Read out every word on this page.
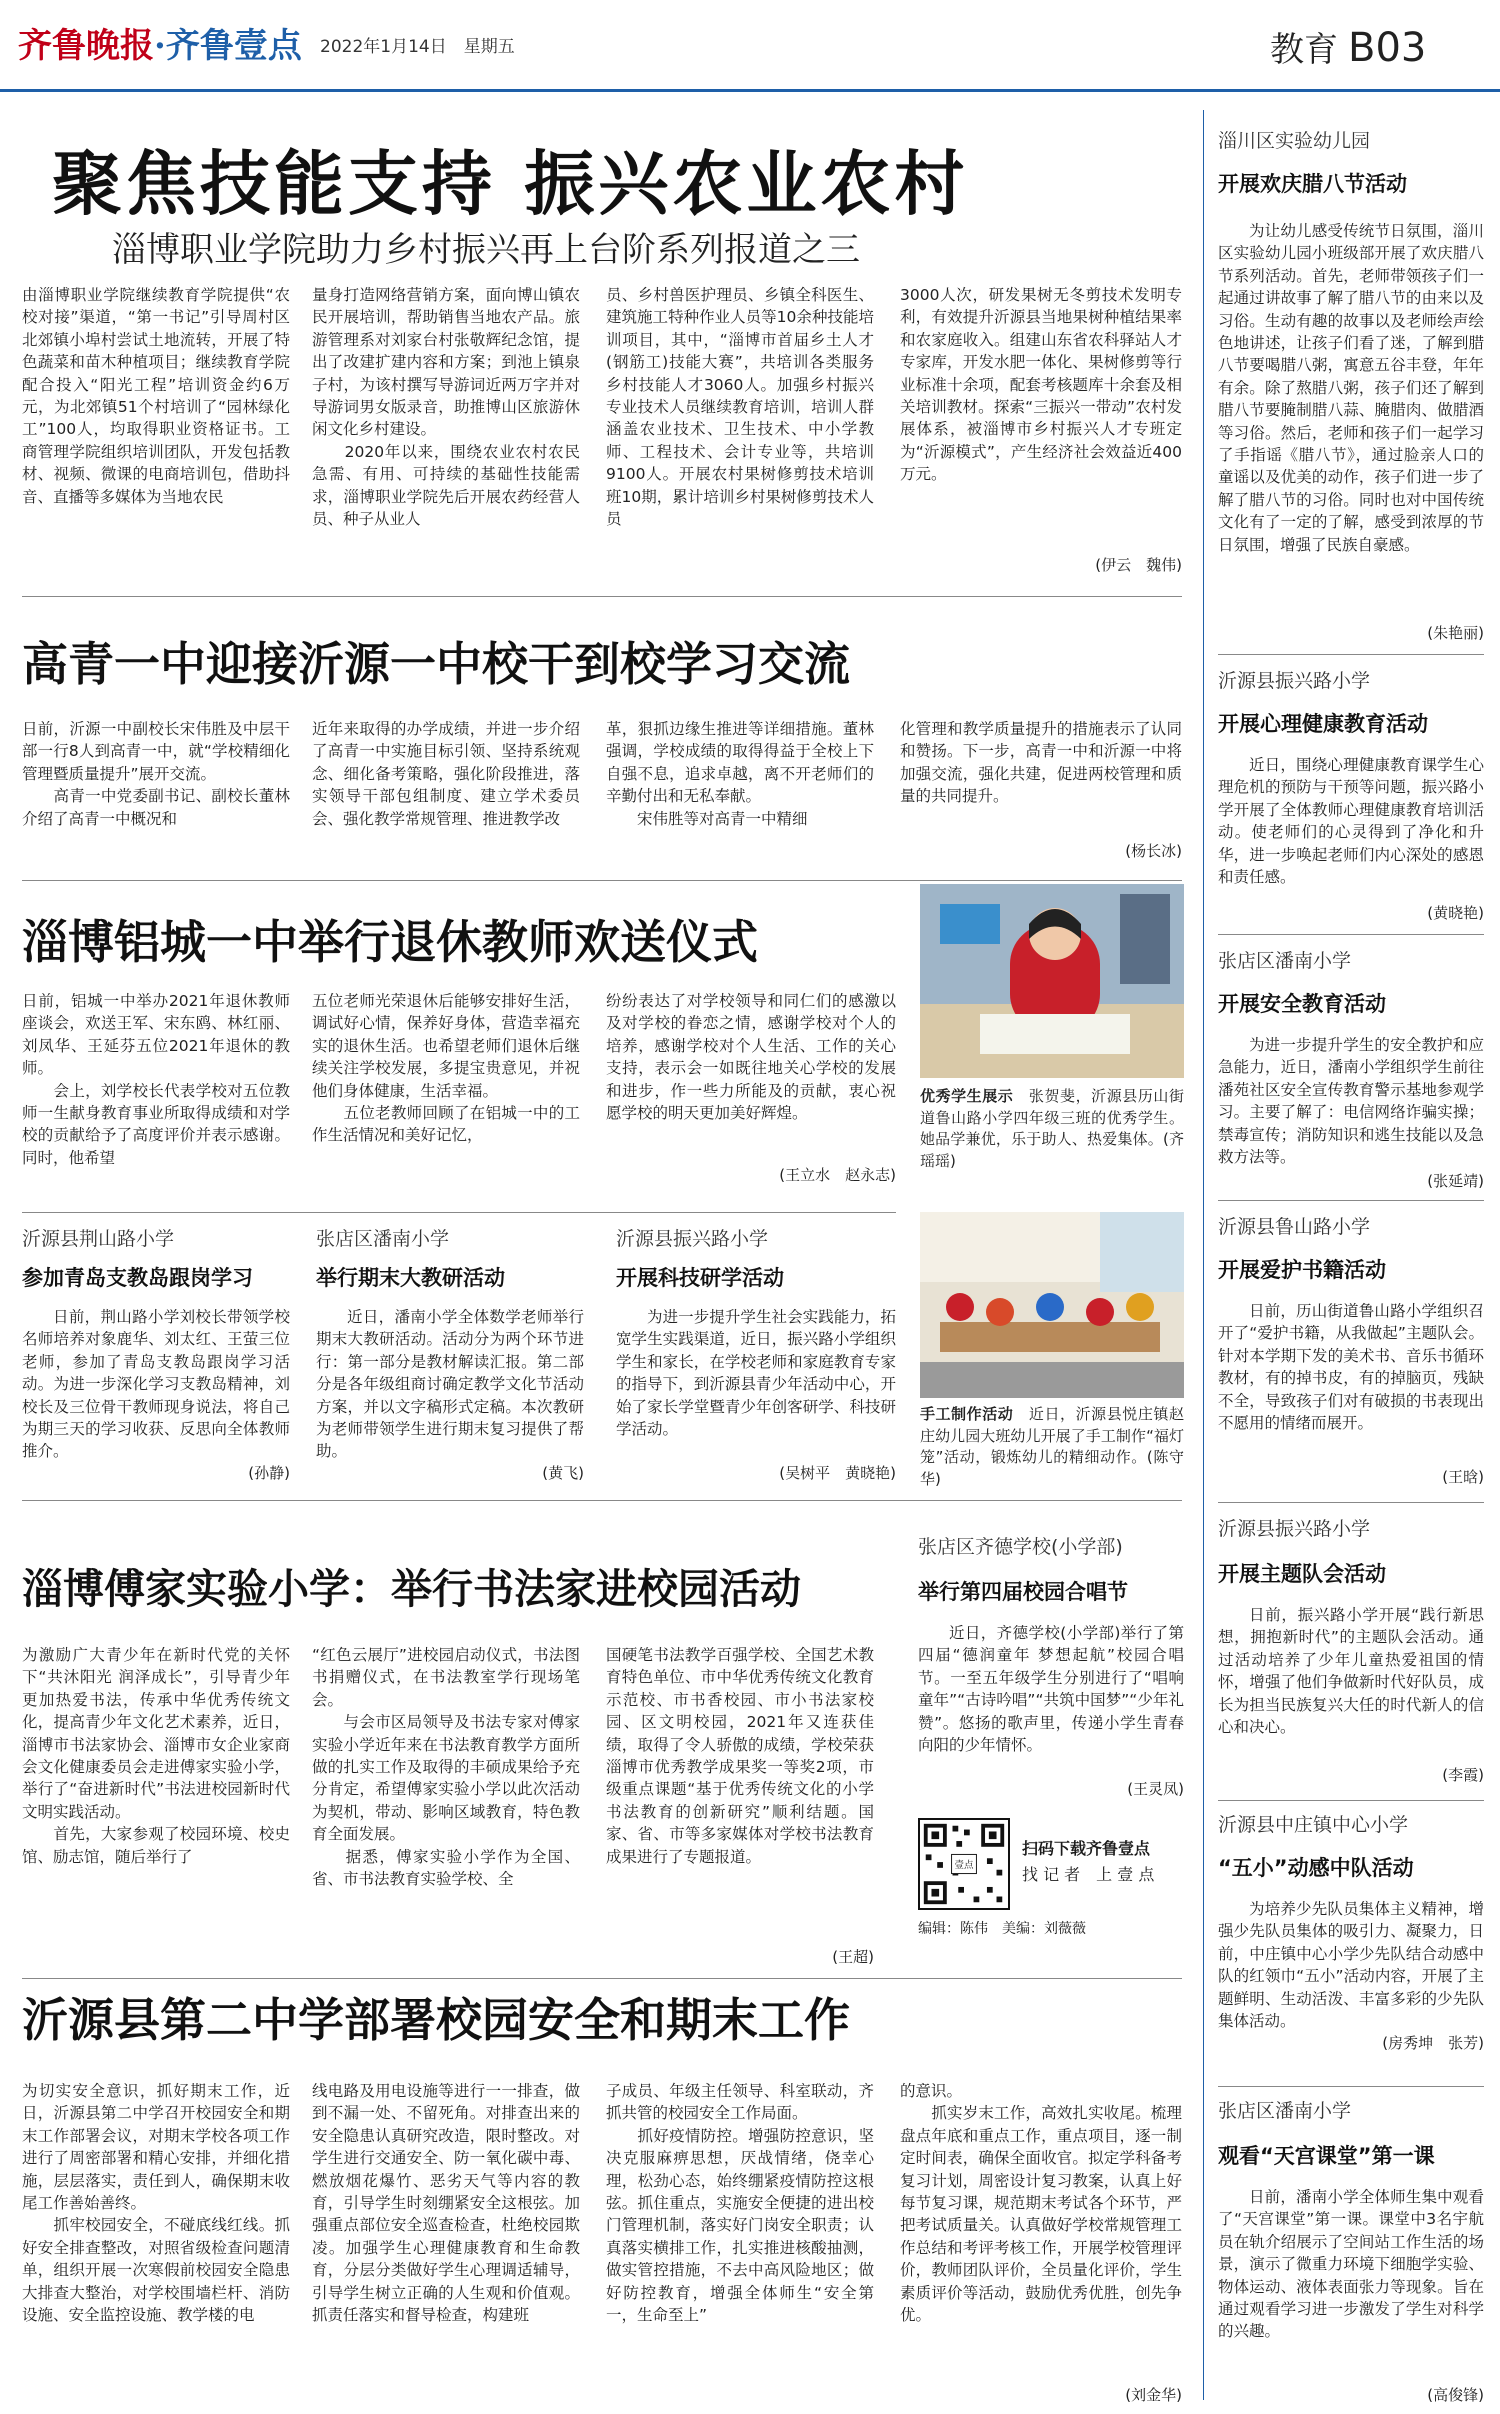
齐鲁晚报·齐鲁壹点 2022年1月14日　 星期五	教育 B03
聚焦技能支持 振兴农业农村
淄博职业学院助力乡村振兴再上台阶系列报道之三
由淄博职业学院继续教育学院提供“农校对接”渠道，“第一书记”引导周村区北郊镇小埠村尝试土地流转，开展了特色蔬菜和苗木种植项目；继续教育学院配合投入“阳光工程”培训资金约6万元，为北郊镇51个村培训了“园林绿化工”100人，均取得职业资格证书。工商管理学院组织培训团队，开发包括教材、视频、微课的电商培训包，借助抖音、直播等多媒体为当地农民
量身打造网络营销方案，面向博山镇农民开展培训，帮助销售当地农产品。旅游管理系对刘家台村张敬辉纪念馆，提出了改建扩建内容和方案；到池上镇泉子村，为该村撰写导游词近两万字并对导游词男女版录音，助推博山区旅游休闲文化乡村建设。
　　2020年以来，围绕农业农村农民急需、有用、可持续的基础性技能需求，淄博职业学院先后开展农药经营人员、种子从业人
员、乡村兽医护理员、乡镇全科医生、建筑施工特种作业人员等10余种技能培训项目，其中，“淄博市首届乡土人才(钢筋工)技能大赛”，共培训各类服务乡村技能人才3060人。加强乡村振兴专业技术人员继续教育培训，培训人群涵盖农业技术、卫生技术、中小学教师、工程技术、会计专业等，共培训9100人。开展农村果树修剪技术培训班10期，累计培训乡村果树修剪技术人员
3000人次，研发果树无冬剪技术发明专利，有效提升沂源县当地果树种植结果率和农家庭收入。组建山东省农科驿站人才专家库，开发水肥一体化、果树修剪等行业标准十余项，配套考核题库十余套及相关培训教材。探索“三振兴一带动”农村发展体系，被淄博市乡村振兴人才专班定为“沂源模式”，产生经济社会效益近400万元。
(伊云　魏伟)
高青一中迎接沂源一中校干到校学习交流
日前，沂源一中副校长宋伟胜及中层干部一行8人到高青一中，就“学校精细化管理暨质量提升”展开交流。
　　高青一中党委副书记、副校长董林介绍了高青一中概况和
近年来取得的办学成绩，并进一步介绍了高青一中实施目标引领、坚持系统观念、细化备考策略，强化阶段推进，落实领导干部包组制度、建立学术委员会、强化教学常规管理、推进教学改
革，狠抓边缘生推进等详细措施。董林强调，学校成绩的取得得益于全校上下自强不息，追求卓越，离不开老师们的辛勤付出和无私奉献。
　　宋伟胜等对高青一中精细
化管理和教学质量提升的措施表示了认同和赞扬。下一步，高青一中和沂源一中将加强交流，强化共建，促进两校管理和质量的共同提升。
(杨长冰)
淄博铝城一中举行退休教师欢送仪式
日前，铝城一中举办2021年退休教师座谈会，欢送王军、宋东鸥、林红丽、刘凤华、王延芬五位2021年退休的教师。
　　会上，刘学校长代表学校对五位教师一生献身教育事业所取得成绩和对学校的贡献给予了高度评价并表示感谢。同时，他希望
五位老师光荣退休后能够安排好生活，调试好心情，保养好身体，营造幸福充实的退休生活。也希望老师们退休后继续关注学校发展，多提宝贵意见，并祝他们身体健康，生活幸福。
　　五位老教师回顾了在铝城一中的工作生活情况和美好记忆，
纷纷表达了对学校领导和同仁们的感激以及对学校的眷恋之情，感谢学校对个人的培养，感谢学校对个人生活、工作的关心支持，表示会一如既往地关心学校的发展和进步，作一些力所能及的贡献，衷心祝愿学校的明天更加美好辉煌。
(王立水　赵永志)
优秀学生展示　 张贺斐，沂源县历山街道鲁山路小学四年级三班的优秀学生。她品学兼优，乐于助人、热爱集体。(齐瑶瑶)
沂源县荆山路小学
参加青岛支教岛跟岗学习
日前，荆山路小学刘校长带领学校名师培养对象鹿华、刘太红、王萤三位老师，参加了青岛支教岛跟岗学习活动。为进一步深化学习支教岛精神，刘校长及三位骨干教师现身说法，将自己为期三天的学习收获、反思向全体教师推介。
(孙静)
张店区潘南小学
举行期末大教研活动
近日，潘南小学全体数学老师举行期末大教研活动。活动分为两个环节进行：第一部分是教材解读汇报。第二部分是各年级组商讨确定教学文化节活动方案，并以文字稿形式定稿。本次教研为老师带领学生进行期末复习提供了帮助。
(黄飞)
沂源县振兴路小学
开展科技研学活动
为进一步提升学生社会实践能力，拓宽学生实践渠道，近日，振兴路小学组织学生和家长，在学校老师和家庭教育专家的指导下，到沂源县青少年活动中心，开始了家长学堂暨青少年创客研学、科技研学活动。
(吴树平　黄晓艳)
手工制作活动　 近日，沂源县悦庄镇赵庄幼儿园大班幼儿开展了手工制作“福灯笼”活动，锻炼幼儿的精细动作。(陈守华)
淄博傅家实验小学：举行书法家进校园活动
为激励广大青少年在新时代党的关怀下“共沐阳光 润泽成长”，引导青少年更加热爱书法，传承中华优秀传统文化，提高青少年文化艺术素养，近日，淄博市书法家协会、淄博市女企业家商会文化健康委员会走进傅家实验小学，举行了“奋进新时代”书法进校园新时代文明实践活动。
　　首先，大家参观了校园环境、校史馆、励志馆，随后举行了
“红色云展厅”进校园启动仪式，书法图书捐赠仪式，在书法教室学行现场笔会。
　　与会市区局领导及书法专家对傅家实验小学近年来在书法教育教学方面所做的扎实工作及取得的丰硕成果给予充分肯定，希望傅家实验小学以此次活动为契机，带动、影响区域教育，特色教育全面发展。
　　据悉，傅家实验小学作为全国、省、市书法教育实验学校、全
国硬笔书法教学百强学校、全国艺术教育特色单位、市中华优秀传统文化教育示范校、市书香校园、市小书法家校园、区文明校园，2021年又连获佳绩，取得了令人骄傲的成绩，学校荣获淄博市优秀教学成果奖一等奖2项，市级重点课题“基于优秀传统文化的小学书法教育的创新研究”顺利结题。国家、省、市等多家媒体对学校书法教育成果进行了专题报道。
(王超)
张店区齐德学校(小学部)
举行第四届校园合唱节
近日，齐德学校(小学部)举行了第四届“德润童年 梦想起航”校园合唱节。一至五年级学生分别进行了“唱响童年”“古诗吟唱”“共筑中国梦”“少年礼赞”。悠扬的歌声里，传递小学生青春向阳的少年情怀。
(王灵凤)
壹点
扫码下载齐鲁壹点
找 记 者　上 壹 点
编辑：陈伟　美编：刘薇薇
沂源县第二中学部署校园安全和期末工作
为切实安全意识，抓好期末工作，近日，沂源县第二中学召开校园安全和期末工作部署会议，对期末学校各项工作进行了周密部署和精心安排，并细化措施，层层落实，责任到人，确保期末收尾工作善始善终。
　　抓牢校园安全，不碰底线红线。抓好安全排查整改，对照省级检查问题清单，组织开展一次寒假前校园安全隐患大排查大整治，对学校围墙栏杆、消防设施、安全监控设施、教学楼的电
线电路及用电设施等进行一一排查，做到不漏一处、不留死角。对排查出来的安全隐患认真研究改造，限时整改。对学生进行交通安全、防一氧化碳中毒、燃放烟花爆竹、恶劣天气等内容的教育，引导学生时刻绷紧安全这根弦。加强重点部位安全巡查检查，杜绝校园欺凌。加强学生心理健康教育和生命教育，分层分类做好学生心理调适辅导，引导学生树立正确的人生观和价值观。抓责任落实和督导检查，构建班
子成员、年级主任领导、科室联动，齐抓共管的校园安全工作局面。
　　抓好疫情防控。增强防控意识，坚决克服麻痹思想，厌战情绪，侥幸心理，松劲心态，始终绷紧疫情防控这根弦。抓住重点，实施安全便捷的进出校门管理机制，落实好门岗安全职责；认真落实横排工作，扎实推进核酸抽测，做实管控措施，不去中高风险地区；做好防控教育，增强全体师生“安全第一，生命至上”
的意识。
　　抓实岁末工作，高效扎实收尾。梳理盘点年底和重点工作，重点项目，逐一制定时间表，确保全面收官。拟定学科备考复习计划，周密设计复习教案，认真上好每节复习课，规范期末考试各个环节，严把考试质量关。认真做好学校常规管理工作总结和考评考核工作，开展学校管理评价，教师团队评价，全员量化评价，学生素质评价等活动，鼓励优秀优胜，创先争优。
(刘金华)
淄川区实验幼儿园
开展欢庆腊八节活动
为让幼儿感受传统节日氛围，淄川区实验幼儿园小班级部开展了欢庆腊八节系列活动。首先，老师带领孩子们一起通过讲故事了解了腊八节的由来以及习俗。生动有趣的故事以及老师绘声绘色地讲述，让孩子们看了迷，了解到腊八节要喝腊八粥，寓意五谷丰登，年年有余。除了熬腊八粥，孩子们还了解到腊八节要腌制腊八蒜、腌腊肉、做腊酒等习俗。然后，老师和孩子们一起学习了手指谣《腊八节》，通过脸亲人口的童谣以及优美的动作，孩子们进一步了解了腊八节的习俗。同时也对中国传统文化有了一定的了解，感受到浓厚的节日氛围，增强了民族自豪感。
(朱艳丽)
沂源县振兴路小学
开展心理健康教育活动
近日，围绕心理健康教育课学生心理危机的预防与干预等问题，振兴路小学开展了全体教师心理健康教育培训活动。使老师们的心灵得到了净化和升华，进一步唤起老师们内心深处的感恩和责任感。
(黄晓艳)
张店区潘南小学
开展安全教育活动
为进一步提升学生的安全教护和应急能力，近日，潘南小学组织学生前往潘苑社区安全宣传教育警示基地参观学习。主要了解了：电信网络诈骗实操；禁毒宣传；消防知识和逃生技能以及急救方法等。
(张延靖)
沂源县鲁山路小学
开展爱护书籍活动
日前，历山街道鲁山路小学组织召开了“爱护书籍，从我做起”主题队会。针对本学期下发的美术书、音乐书循环教材，有的掉书皮，有的掉脑页，残缺不全，导致孩子们对有破损的书表现出不愿用的情绪而展开。
(王晗)
沂源县振兴路小学
开展主题队会活动
日前，振兴路小学开展“践行新思想，拥抱新时代”的主题队会活动。通过活动培养了少年儿童热爱祖国的情怀，增强了他们争做新时代好队员，成长为担当民族复兴大任的时代新人的信心和决心。
(李霞)
沂源县中庄镇中心小学
“五小”动感中队活动
为培养少先队员集体主义精神，增强少先队员集体的吸引力、凝聚力，日前，中庄镇中心小学少先队结合动感中队的红领巾“五小”活动内容，开展了主题鲜明、生动活泼、丰富多彩的少先队集体活动。
(房秀坤　张芳)
张店区潘南小学
观看“天宫课堂”第一课
日前，潘南小学全体师生集中观看了“天宫课堂”第一课。课堂中3名宇航员在轨介绍展示了空间站工作生活的场景，演示了微重力环境下细胞学实验、物体运动、液体表面张力等现象。旨在通过观看学习进一步激发了学生对科学的兴趣。
(高俊锋)
